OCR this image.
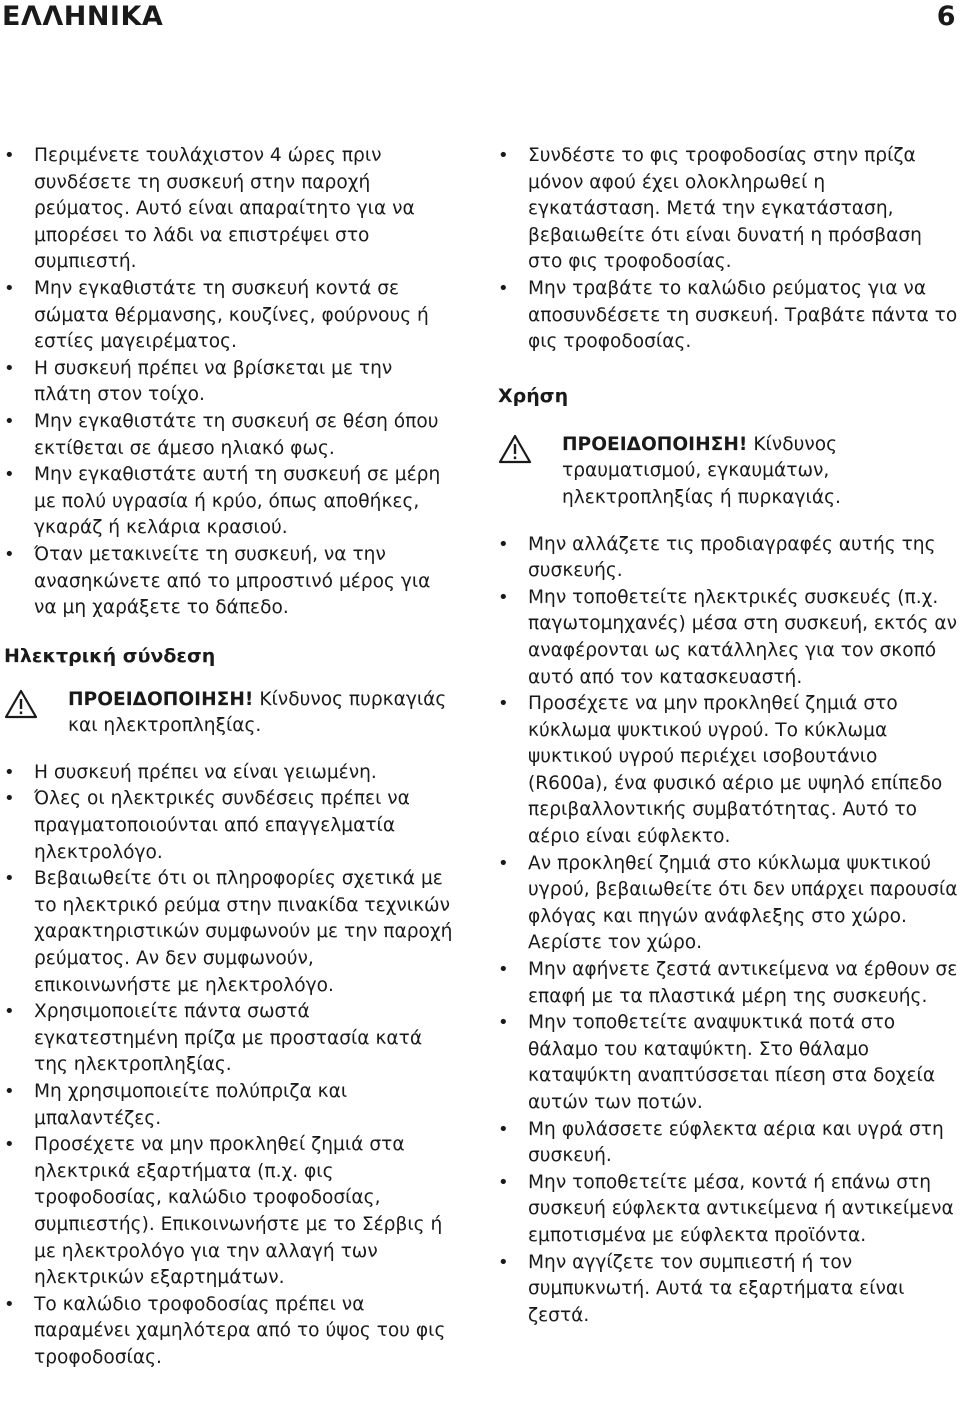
ΕΛΛΗΝΙΚΑ	6
• Περιμένετε τουλάχιστον 4 ώρες πριν συνδέσετε τη συσκευή στην παροχή ρεύματος. Αυτό είναι απαραίτητο για να μπορέσει το λάδι να επιστρέψει στο συμπιεστή.
• Μην εγκαθιστάτε τη συσκευή κοντά σε σώματα θέρμανσης, κουζίνες, φούρνους ή εστίες μαγειρέματος.
• Η συσκευή πρέπει να βρίσκεται με την πλάτη στον τοίχο.
• Μην εγκαθιστάτε τη συσκευή σε θέση όπου εκτίθεται σε άμεσο ηλιακό φως.
• Μην εγκαθιστάτε αυτή τη συσκευή σε μέρη με πολύ υγρασία ή κρύο, όπως αποθήκες, γκαράζ ή κελάρια κρασιού.
• Όταν μετακινείτε τη συσκευή, να την ανασηκώνετε από το μπροστινό μέρος για να μη χαράξετε το δάπεδο.
Ηλεκτρική σύνδεση
ΠΡΟΕΙΔΟΠΟΙΗΣΗ! Κίνδυνος πυρκαγιάς και ηλεκτροπληξίας.
• Η συσκευή πρέπει να είναι γειωμένη.
• Όλες οι ηλεκτρικές συνδέσεις πρέπει να πραγματοποιούνται από επαγγελματία ηλεκτρολόγο.
• Βεβαιωθείτε ότι οι πληροφορίες σχετικά με το ηλεκτρικό ρεύμα στην πινακίδα τεχνικών χαρακτηριστικών συμφωνούν με την παροχή ρεύματος. Αν δεν συμφωνούν, επικοινωνήστε με ηλεκτρολόγο.
• Χρησιμοποιείτε πάντα σωστά εγκατεστημένη πρίζα με προστασία κατά της ηλεκτροπληξίας.
• Μη χρησιμοποιείτε πολύπριζα και μπαλαντέζες.
• Προσέχετε να μην προκληθεί ζημιά στα ηλεκτρικά εξαρτήματα (π.χ. φις τροφοδοσίας, καλώδιο τροφοδοσίας, συμπιεστής). Επικοινωνήστε με το Σέρβις ή με ηλεκτρολόγο για την αλλαγή των ηλεκτρικών εξαρτημάτων.
• Το καλώδιο τροφοδοσίας πρέπει να παραμένει χαμηλότερα από το ύψος του φις τροφοδοσίας.
• Συνδέστε το φις τροφοδοσίας στην πρίζα μόνον αφού έχει ολοκληρωθεί η εγκατάσταση. Μετά την εγκατάσταση, βεβαιωθείτε ότι είναι δυνατή η πρόσβαση στο φις τροφοδοσίας.
• Μην τραβάτε το καλώδιο ρεύματος για να αποσυνδέσετε τη συσκευή. Τραβάτε πάντα το φις τροφοδοσίας.
Χρήση
ΠΡΟΕΙΔΟΠΟΙΗΣΗ! Κίνδυνος τραυματισμού, εγκαυμάτων, ηλεκτροπληξίας ή πυρκαγιάς.
• Μην αλλάζετε τις προδιαγραφές αυτής της συσκευής.
• Μην τοποθετείτε ηλεκτρικές συσκευές (π.χ. παγωτομηχανές) μέσα στη συσκευή, εκτός αν αναφέρονται ως κατάλληλες για τον σκοπό αυτό από τον κατασκευαστή.
• Προσέχετε να μην προκληθεί ζημιά στο κύκλωμα ψυκτικού υγρού. Το κύκλωμα ψυκτικού υγρού περιέχει ισοβουτάνιο (R600a), ένα φυσικό αέριο με υψηλό επίπεδο περιβαλλοντικής συμβατότητας. Αυτό το αέριο είναι εύφλεκτο.
• Αν προκληθεί ζημιά στο κύκλωμα ψυκτικού υγρού, βεβαιωθείτε ότι δεν υπάρχει παρουσία φλόγας και πηγών ανάφλεξης στο χώρο. Αερίστε τον χώρο.
• Μην αφήνετε ζεστά αντικείμενα να έρθουν σε επαφή με τα πλαστικά μέρη της συσκευής.
• Μην τοποθετείτε αναψυκτικά ποτά στο θάλαμο του καταψύκτη. Στο θάλαμο καταψύκτη αναπτύσσεται πίεση στα δοχεία αυτών των ποτών.
• Μη φυλάσσετε εύφλεκτα αέρια και υγρά στη συσκευή.
• Μην τοποθετείτε μέσα, κοντά ή επάνω στη συσκευή εύφλεκτα αντικείμενα ή αντικείμενα εμποτισμένα με εύφλεκτα προϊόντα.
• Μην αγγίζετε τον συμπιεστή ή τον συμπυκνωτή. Αυτά τα εξαρτήματα είναι ζεστά.
